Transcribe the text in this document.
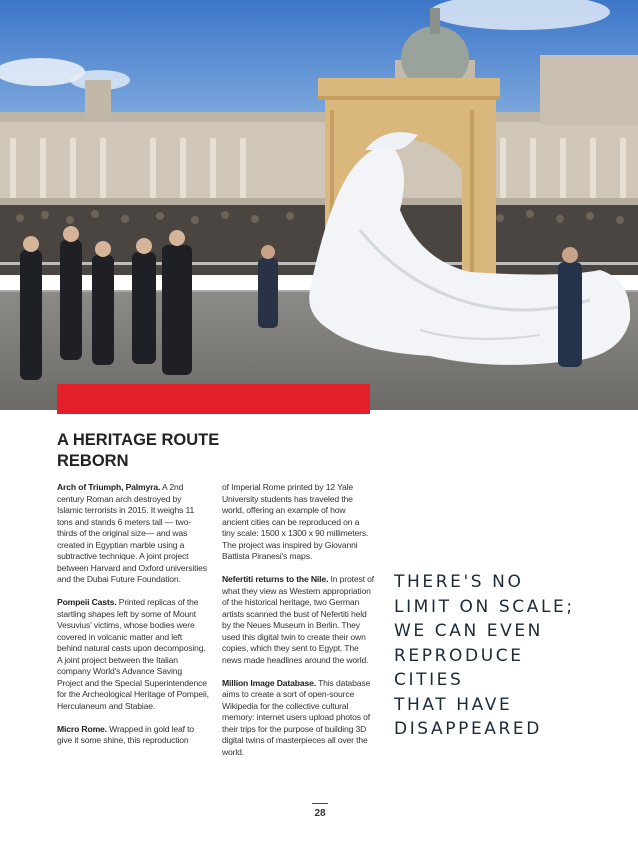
A HERITAGE ROUTE REBORN

Arch of Triumph, Palmyra. A 2nd century Roman arch destroyed by Islamic terrorists in 2015. It weighs 11 tons and stands 6 meters tall — two-thirds of the original size— and was created in Egyptian marble using a subtractive technique. A joint project between Harvard and Oxford universities and the Dubai Future Foundation.

Pompeii Casts. Printed replicas of the startling shapes left by some of Mount Vesuvius' victims, whose bodies were covered in volcanic matter and left behind natural casts upon decomposing. A joint project between the Italian company World's Advance Saving Project and the Special Superintendence for the Archeological Heritage of Pompeii, Herculaneum and Stabiae.

Micro Rome. Wrapped in gold leaf to give it some shine, this reproduction

of Imperial Rome printed by 12 Yale University students has traveled the world, offering an example of how ancient cities can be reproduced on a tiny scale: 1500 x 1300 x 90 millimeters. The project was inspired by Giovanni Battista Piranesi's maps.

Nefertiti returns to the Nile. In protest of what they view as Western appropriation of the historical heritage, two German artists scanned the bust of Nefertiti held by the Neues Museum in Berlin. They used this digital twin to create their own copies, which they sent to Egypt. The news made headlines around the world.

Million Image Database. This database aims to create a sort of open-source Wikipedia for the collective cultural memory: internet users upload photos of their trips for the purpose of building 3D digital twins of masterpieces all over the world.

THERE'S NO
LIMIT ON SCALE;
WE CAN EVEN
REPRODUCE
CITIES
THAT HAVE
DISAPPEARED
28
